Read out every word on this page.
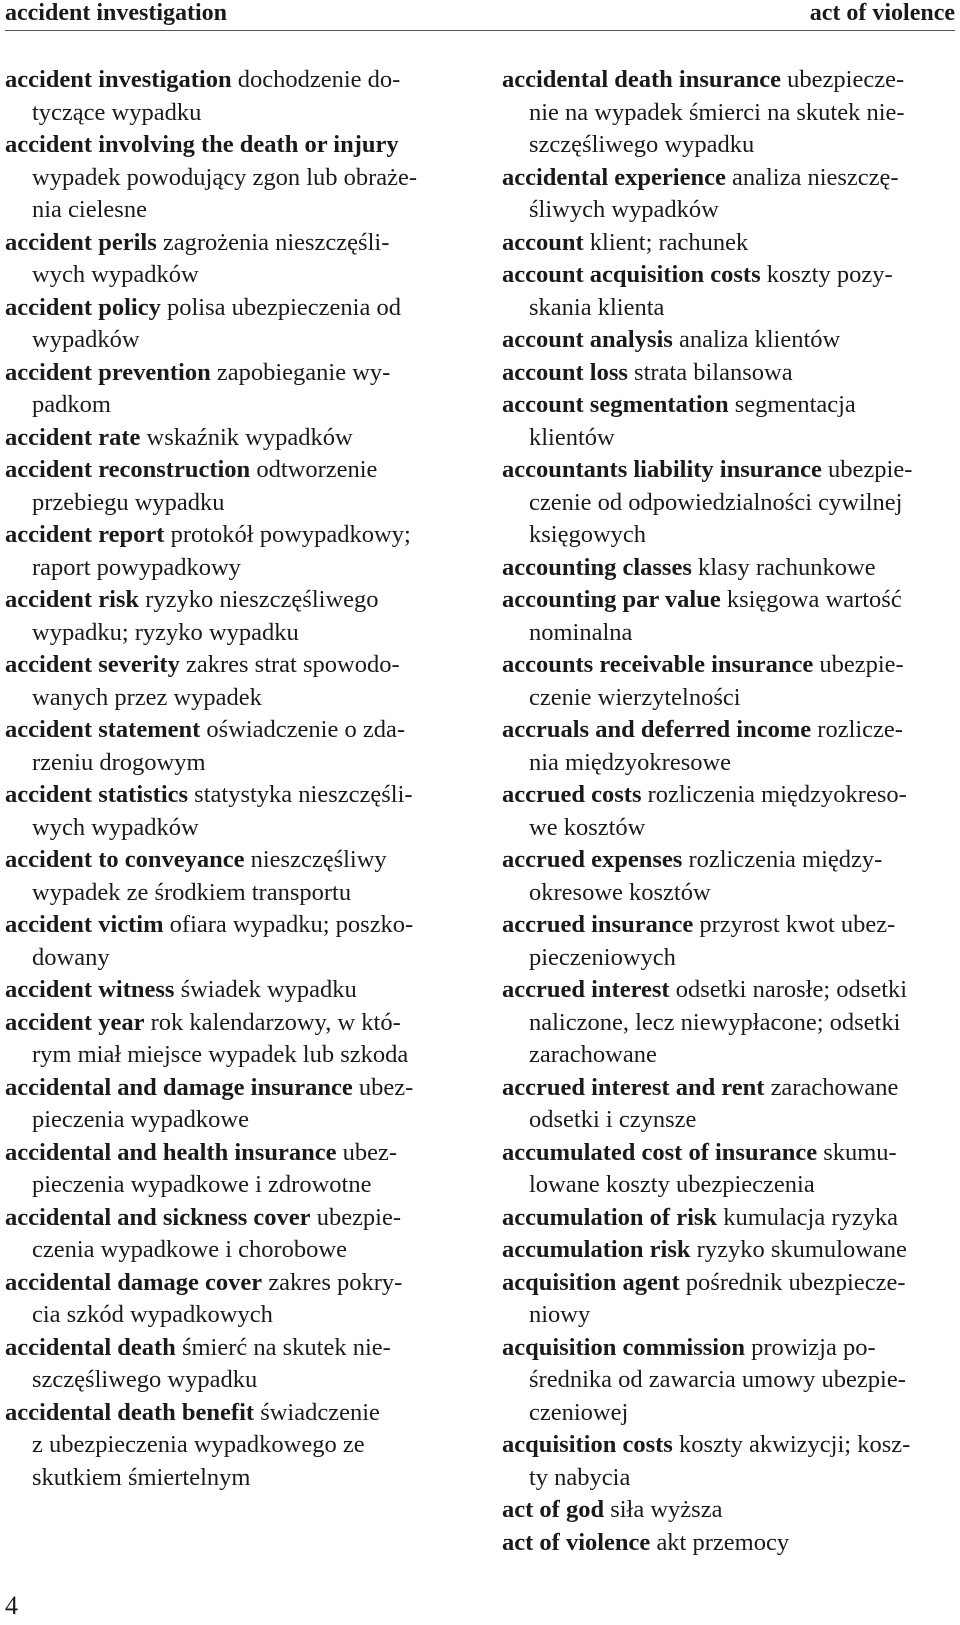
accident investigation	act of violence
accident investigation dochodzenie do-
tyczące wypadku
accident involving the death or injury
wypadek powodujący zgon lub obraże-
nia cielesne
accident perils zagrożenia nieszczęśli-
wych wypadków
accident policy polisa ubezpieczenia od
wypadków
accident prevention zapobieganie wy-
padkom
accident rate wskaźnik wypadków
accident reconstruction odtworzenie
przebiegu wypadku
accident report protokół powypadkowy;
raport powypadkowy
accident risk ryzyko nieszczęśliwego
wypadku; ryzyko wypadku
accident severity zakres strat spowodo-
wanych przez wypadek
accident statement oświadczenie o zda-
rzeniu drogowym
accident statistics statystyka nieszczęśli-
wych wypadków
accident to conveyance nieszczęśliwy
wypadek ze środkiem transportu
accident victim ofiara wypadku; poszko-
dowany
accident witness świadek wypadku
accident year rok kalendarzowy, w któ-
rym miał miejsce wypadek lub szkoda
accidental and damage insurance ubez-
pieczenia wypadkowe
accidental and health insurance ubez-
pieczenia wypadkowe i zdrowotne
accidental and sickness cover ubezpie-
czenia wypadkowe i chorobowe
accidental damage cover zakres pokry-
cia szkód wypadkowych
accidental death śmierć na skutek nie-
szczęśliwego wypadku
accidental death benefit świadczenie
z ubezpieczenia wypadkowego ze
skutkiem śmiertelnym
accidental death insurance ubezpiecze-
nie na wypadek śmierci na skutek nie-
szczęśliwego wypadku
accidental experience analiza nieszczę-
śliwych wypadków
account klient; rachunek
account acquisition costs koszty pozy-
skania klienta
account analysis analiza klientów
account loss strata bilansowa
account segmentation segmentacja
klientów
accountants liability insurance ubezpie-
czenie od odpowiedzialności cywilnej
księgowych
accounting classes klasy rachunkowe
accounting par value księgowa wartość
nominalna
accounts receivable insurance ubezpie-
czenie wierzytelności
accruals and deferred income rozlicze-
nia międzyokresowe
accrued costs rozliczenia międzyokreso-
we kosztów
accrued expenses rozliczenia między-
okresowe kosztów
accrued insurance przyrost kwot ubez-
pieczeniowych
accrued interest odsetki narosłe; odsetki
naliczone, lecz niewypłacone; odsetki
zarachowane
accrued interest and rent zarachowane
odsetki i czynsze
accumulated cost of insurance skumu-
lowane koszty ubezpieczenia
accumulation of risk kumulacja ryzyka
accumulation risk ryzyko skumulowane
acquisition agent pośrednik ubezpiecze-
niowy
acquisition commission prowizja po-
średnika od zawarcia umowy ubezpie-
czeniowej
acquisition costs koszty akwizycji; kosz-
ty nabycia
act of god siła wyższa
act of violence akt przemocy
4
